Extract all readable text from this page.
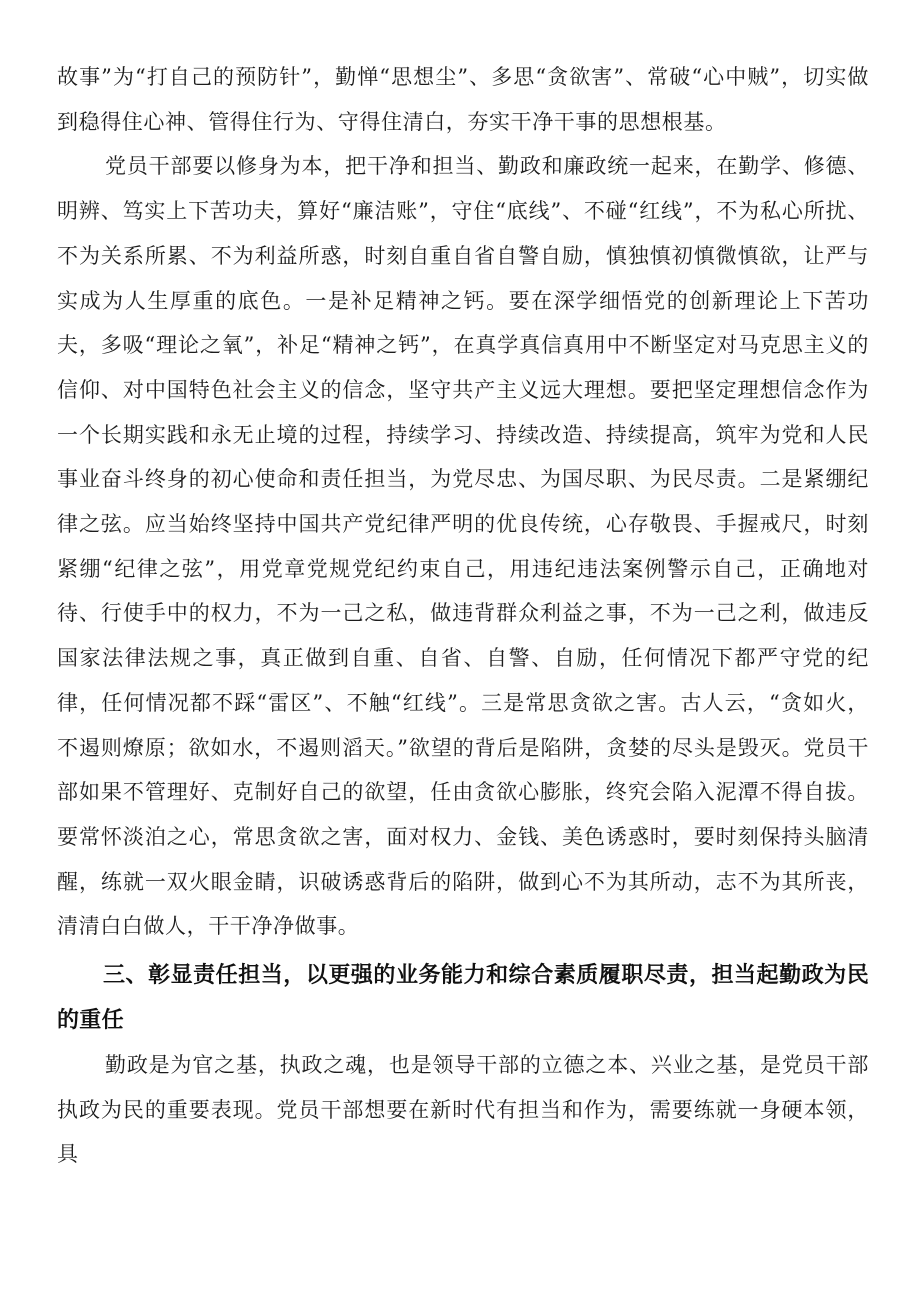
故事”为“打自己的预防针”，勤惮“思想尘”、多思“贪欲害”、常破“心中贼”，切实做到稳得住心神、管得住行为、守得住清白，夯实干净干事的思想根基。

党员干部要以修身为本，把干净和担当、勤政和廉政统一起来，在勤学、修德、明辨、笃实上下苦功夫，算好“廉洁账”，守住“底线”、不碰“红线”，不为私心所扰、不为关系所累、不为利益所惑，时刻自重自省自警自励，慎独慎初慎微慎欲，让严与实成为人生厚重的底色。一是补足精神之钙。要在深学细悟党的创新理论上下苦功夫，多吸“理论之氧”，补足“精神之钙”，在真学真信真用中不断坚定对马克思主义的信仰、对中国特色社会主义的信念，坚守共产主义远大理想。要把坚定理想信念作为一个长期实践和永无止境的过程，持续学习、持续改造、持续提高，筑牢为党和人民事业奋斗终身的初心使命和责任担当，为党尽忠、为国尽职、为民尽责。二是紧绷纪律之弦。应当始终坚持中国共产党纪律严明的优良传统，心存敬畏、手握戒尺，时刻紧绷“纪律之弦”，用党章党规党纪约束自己，用违纪违法案例警示自己，正确地对待、行使手中的权力，不为一己之私，做违背群众利益之事，不为一己之利，做违反国家法律法规之事，真正做到自重、自省、自警、自励，任何情况下都严守党的纪律，任何情况都不踩“雷区”、不触“红线”。三是常思贪欲之害。古人云，“贪如火，不遏则燎原；欲如水，不遏则滔天。”欲望的背后是陷阱，贪婪的尽头是毁灭。党员干部如果不管理好、克制好自己的欲望，任由贪欲心膨胀，终究会陷入泥潭不得自拔。要常怀淡泊之心，常思贪欲之害，面对权力、金钱、美色诱惑时，要时刻保持头脑清醒，练就一双火眼金睛，识破诱惑背后的陷阱，做到心不为其所动，志不为其所丧，清清白白做人，干干净净做事。

三、彰显责任担当，以更强的业务能力和综合素质履职尽责，担当起勤政为民的重任

勤政是为官之基，执政之魂，也是领导干部的立德之本、兴业之基，是党员干部执政为民的重要表现。党员干部想要在新时代有担当和作为，需要练就一身硬本领，具
